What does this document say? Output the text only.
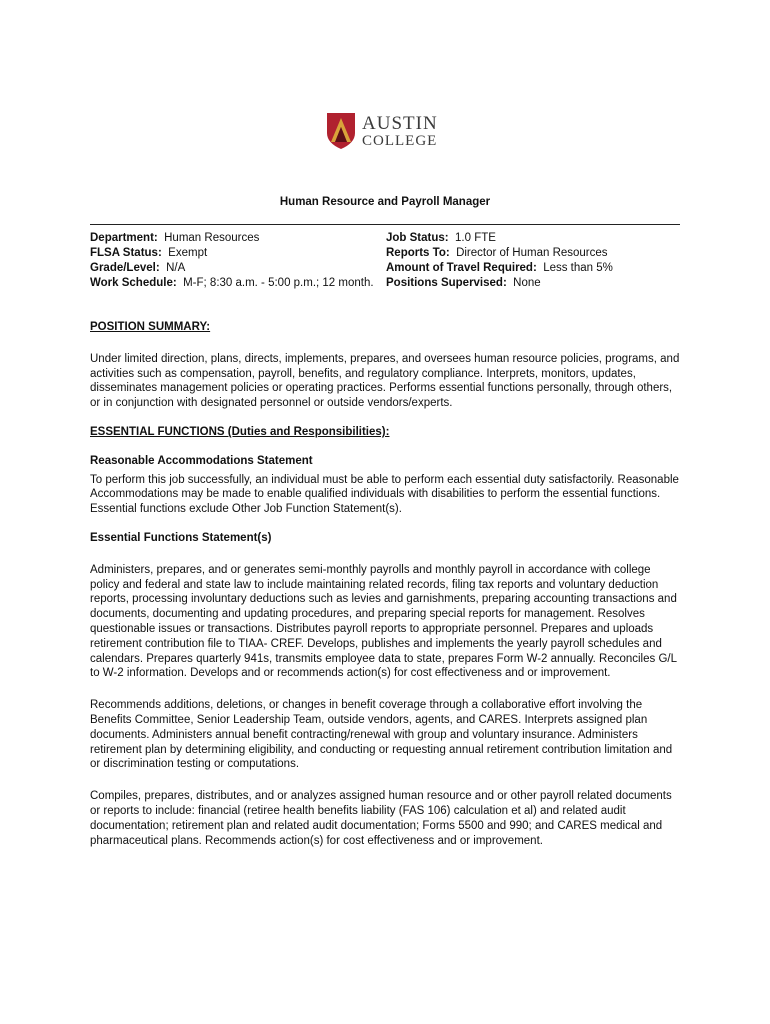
AUSTIN
COLLEGE
Human Resource and Payroll Manager
Department: Human Resources
FLSA Status: Exempt
Grade/Level: N/A
Work Schedule: M-F; 8:30 a.m. - 5:00 p.m.; 12 month.
Job Status: 1.0 FTE
Reports To: Director of Human Resources
Amount of Travel Required: Less than 5%
Positions Supervised: None

POSITION SUMMARY:

Under limited direction, plans, directs, implements, prepares, and oversees human resource policies, programs, and activities such as compensation, payroll, benefits, and regulatory compliance. Interprets, monitors, updates, disseminates management policies or operating practices. Performs essential functions personally, through others, or in conjunction with designated personnel or outside vendors/experts.

ESSENTIAL FUNCTIONS (Duties and Responsibilities):

Reasonable Accommodations Statement

To perform this job successfully, an individual must be able to perform each essential duty satisfactorily. Reasonable Accommodations may be made to enable qualified individuals with disabilities to perform the essential functions. Essential functions exclude Other Job Function Statement(s).

Essential Functions Statement(s)

Administers, prepares, and or generates semi-monthly payrolls and monthly payroll in accordance with college policy and federal and state law to include maintaining related records, filing tax reports and voluntary deduction reports, processing involuntary deductions such as levies and garnishments, preparing accounting transactions and documents, documenting and updating procedures, and preparing special reports for management. Resolves questionable issues or transactions. Distributes payroll reports to appropriate personnel. Prepares and uploads retirement contribution file to TIAA- CREF. Develops, publishes and implements the yearly payroll schedules and calendars. Prepares quarterly 941s, transmits employee data to state, prepares Form W-2 annually. Reconciles G/L to W-2 information. Develops and or recommends action(s) for cost effectiveness and or improvement.

Recommends additions, deletions, or changes in benefit coverage through a collaborative effort involving the Benefits Committee, Senior Leadership Team, outside vendors, agents, and CARES. Interprets assigned plan documents. Administers annual benefit contracting/renewal with group and voluntary insurance. Administers retirement plan by determining eligibility, and conducting or requesting annual retirement contribution limitation and or discrimination testing or computations.

Compiles, prepares, distributes, and or analyzes assigned human resource and or other payroll related documents or reports to include: financial (retiree health benefits liability (FAS 106) calculation et al) and related audit documentation; retirement plan and related audit documentation; Forms 5500 and 990; and CARES medical and pharmaceutical plans. Recommends action(s) for cost effectiveness and or improvement.
